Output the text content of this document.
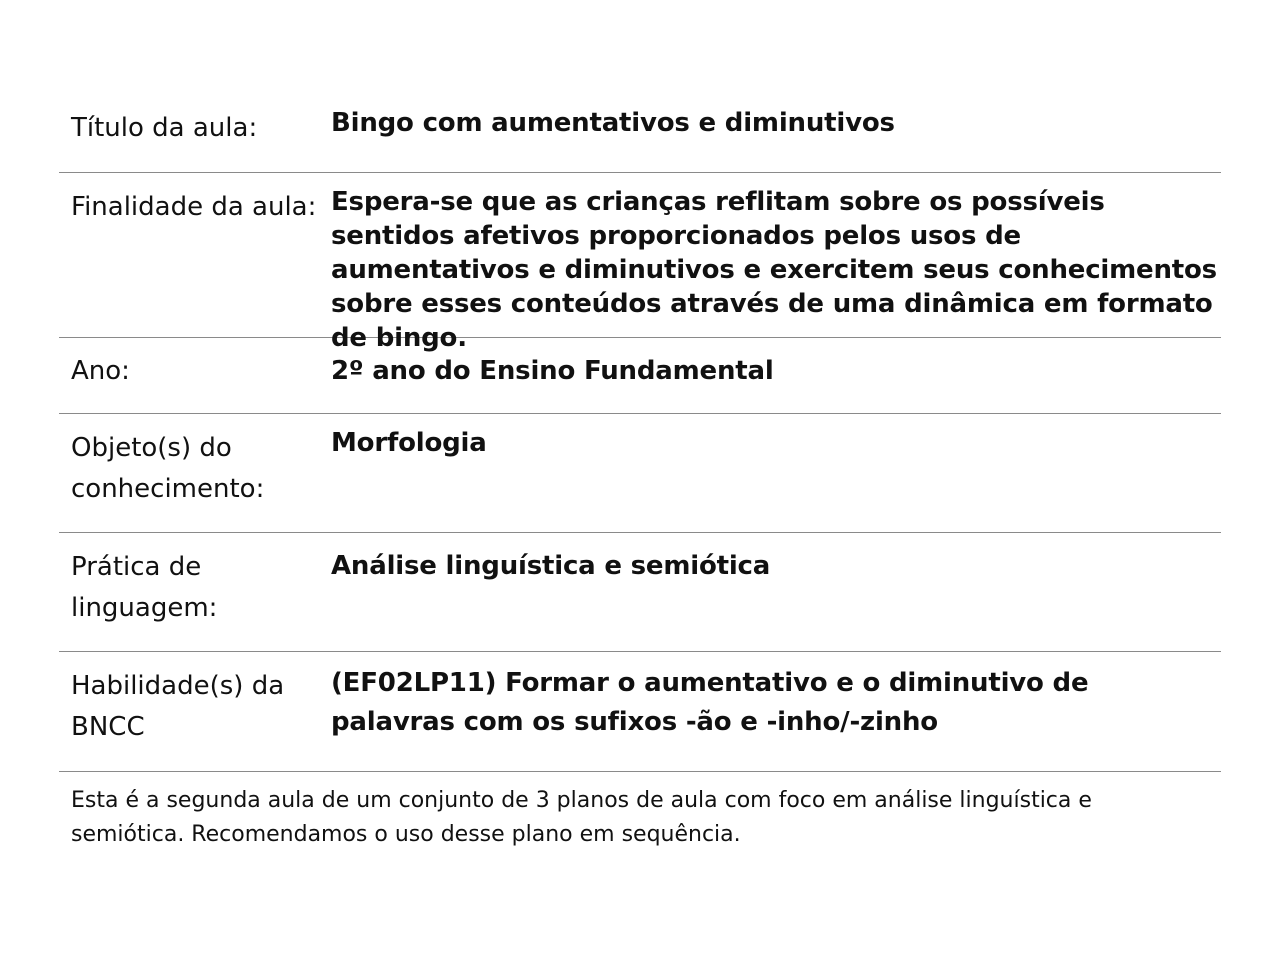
Título da aula:	Bingo com aumentativos e diminutivos
Finalidade da aula: Espera-se que as crianças reflitam sobre os possíveis sentidos afetivos proporcionados pelos usos de aumentativos e diminutivos e exercitem seus conhecimentos sobre esses conteúdos através de uma dinâmica em formato de bingo.
Ano:	2º ano do Ensino Fundamental
Objeto(s) do conhecimento:
Morfologia
Prática de linguagem:
Análise linguística e semiótica
Habilidade(s) da BNCC
(EF02LP11) Formar o aumentativo e o diminutivo de palavras com os sufixos -ão e -inho/-zinho
Esta é a segunda aula de um conjunto de 3 planos de aula com foco em análise linguística e semiótica. Recomendamos o uso desse plano em sequência.
